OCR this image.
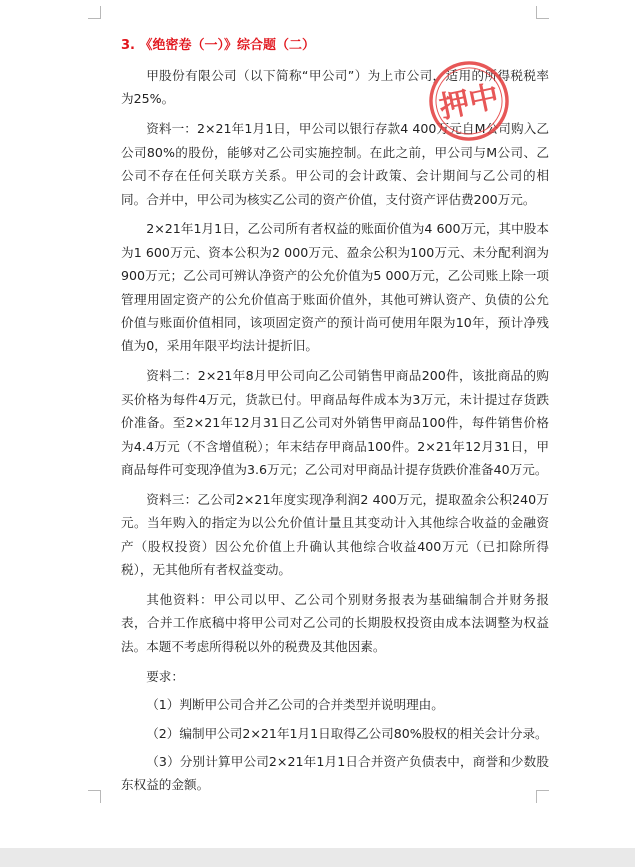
3. 《绝密卷（一）》综合题（二）

甲股份有限公司（以下简称“甲公司”）为上市公司，适用的所得税税率为25%。

资料一：2×21年1月1日，甲公司以银行存款4 400万元自M公司购入乙公司80%的股份，能够对乙公司实施控制。在此之前，甲公司与M公司、乙公司不存在任何关联方关系。甲公司的会计政策、会计期间与乙公司的相同。合并中，甲公司为核实乙公司的资产价值，支付资产评估费200万元。

2×21年1月1日，乙公司所有者权益的账面价值为4 600万元，其中股本为1 600万元、资本公积为2 000万元、盈余公积为100万元、未分配利润为900万元；乙公司可辨认净资产的公允价值为5 000万元，乙公司账上除一项管理用固定资产的公允价值高于账面价值外，其他可辨认资产、负债的公允价值与账面价值相同，该项固定资产的预计尚可使用年限为10年，预计净残值为0，采用年限平均法计提折旧。

资料二：2×21年8月甲公司向乙公司销售甲商品200件，该批商品的购买价格为每件4万元，货款已付。甲商品每件成本为3万元，未计提过存货跌价准备。至2×21年12月31日乙公司对外销售甲商品100件，每件销售价格为4.4万元（不含增值税）；年末结存甲商品100件。2×21年12月31日，甲商品每件可变现净值为3.6万元；乙公司对甲商品计提存货跌价准备40万元。

资料三：乙公司2×21年度实现净利润2 400万元，提取盈余公积240万元。当年购入的指定为以公允价值计量且其变动计入其他综合收益的金融资产（股权投资）因公允价值上升确认其他综合收益400万元（已扣除所得税），无其他所有者权益变动。

其他资料：甲公司以甲、乙公司个别财务报表为基础编制合并财务报表，合并工作底稿中将甲公司对乙公司的长期股权投资由成本法调整为权益法。本题不考虑所得税以外的税费及其他因素。

要求：

（1）判断甲公司合并乙公司的合并类型并说明理由。

（2）编制甲公司2×21年1月1日取得乙公司80%股权的相关会计分录。

（3）分别计算甲公司2×21年1月1日合并资产负债表中，商誉和少数股东权益的金额。

押中
